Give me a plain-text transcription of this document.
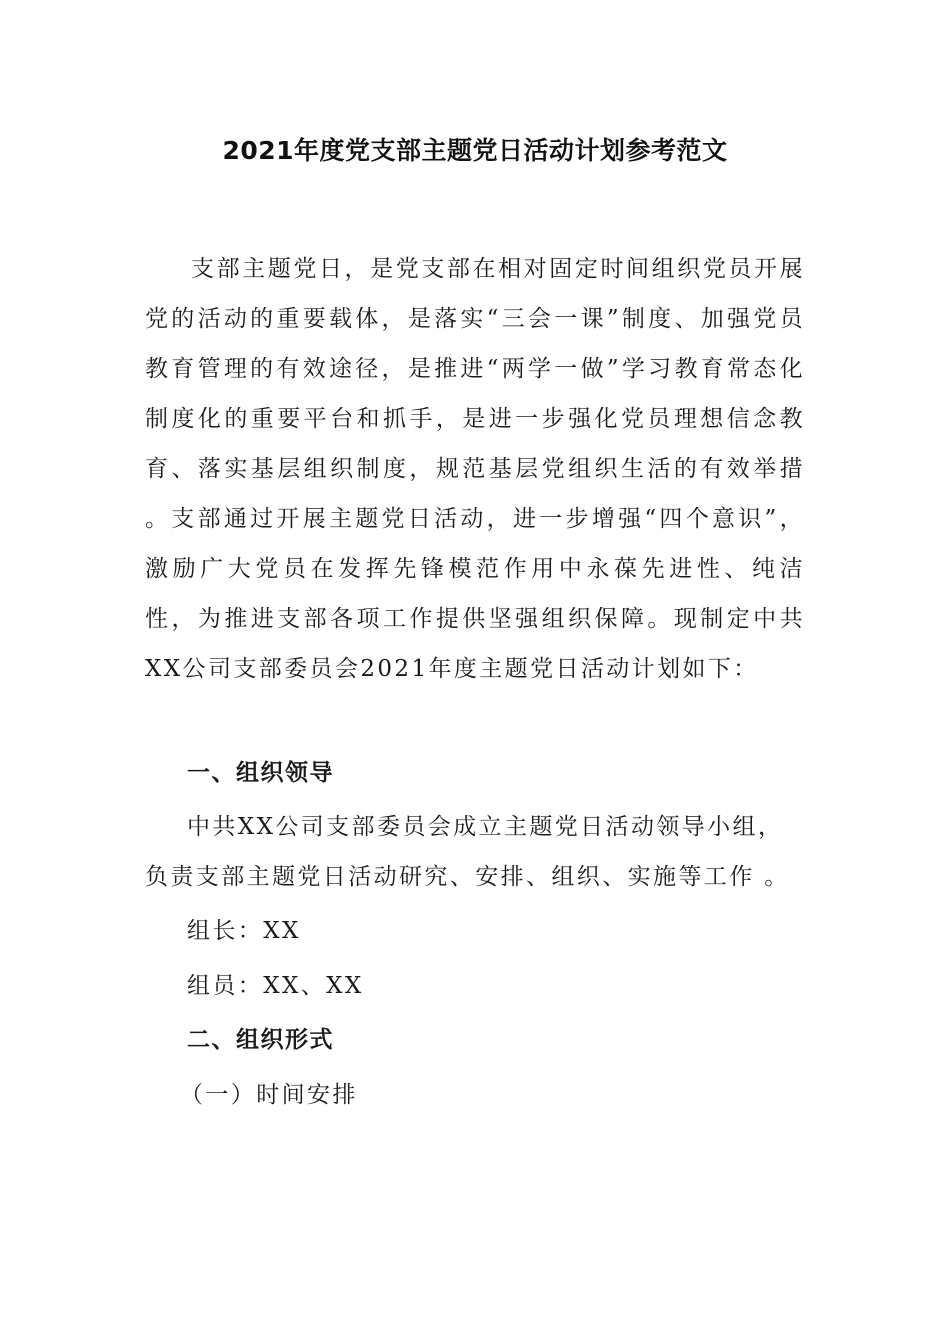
2021年度党支部主题党日活动计划参考范文

支部主题党日，是党支部在相对固定时间组织党员开展党的活动的重要载体，是落实“三会一课”制度、加强党员教育管理的有效途径，是推进“两学一做”学习教育常态化制度化的重要平台和抓手，是进一步强化党员理想信念教育、落实基层组织制度，规范基层党组织生活的有效举措 。支部通过开展主题党日活动，进一步增强“四个意识”，激励广大党员在发挥先锋模范作用中永葆先进性、纯洁性，为推进支部各项工作提供坚强组织保障。现制定中共XX公司支部委员会2021年度主题党日活动计划如下：

一、组织领导
中共XX公司支部委员会成立主题党日活动领导小组，
负责支部主题党日活动研究、安排、组织、实施等工作 。
组长：XX
组员：XX、XX
二、组织形式
（一）时间安排
